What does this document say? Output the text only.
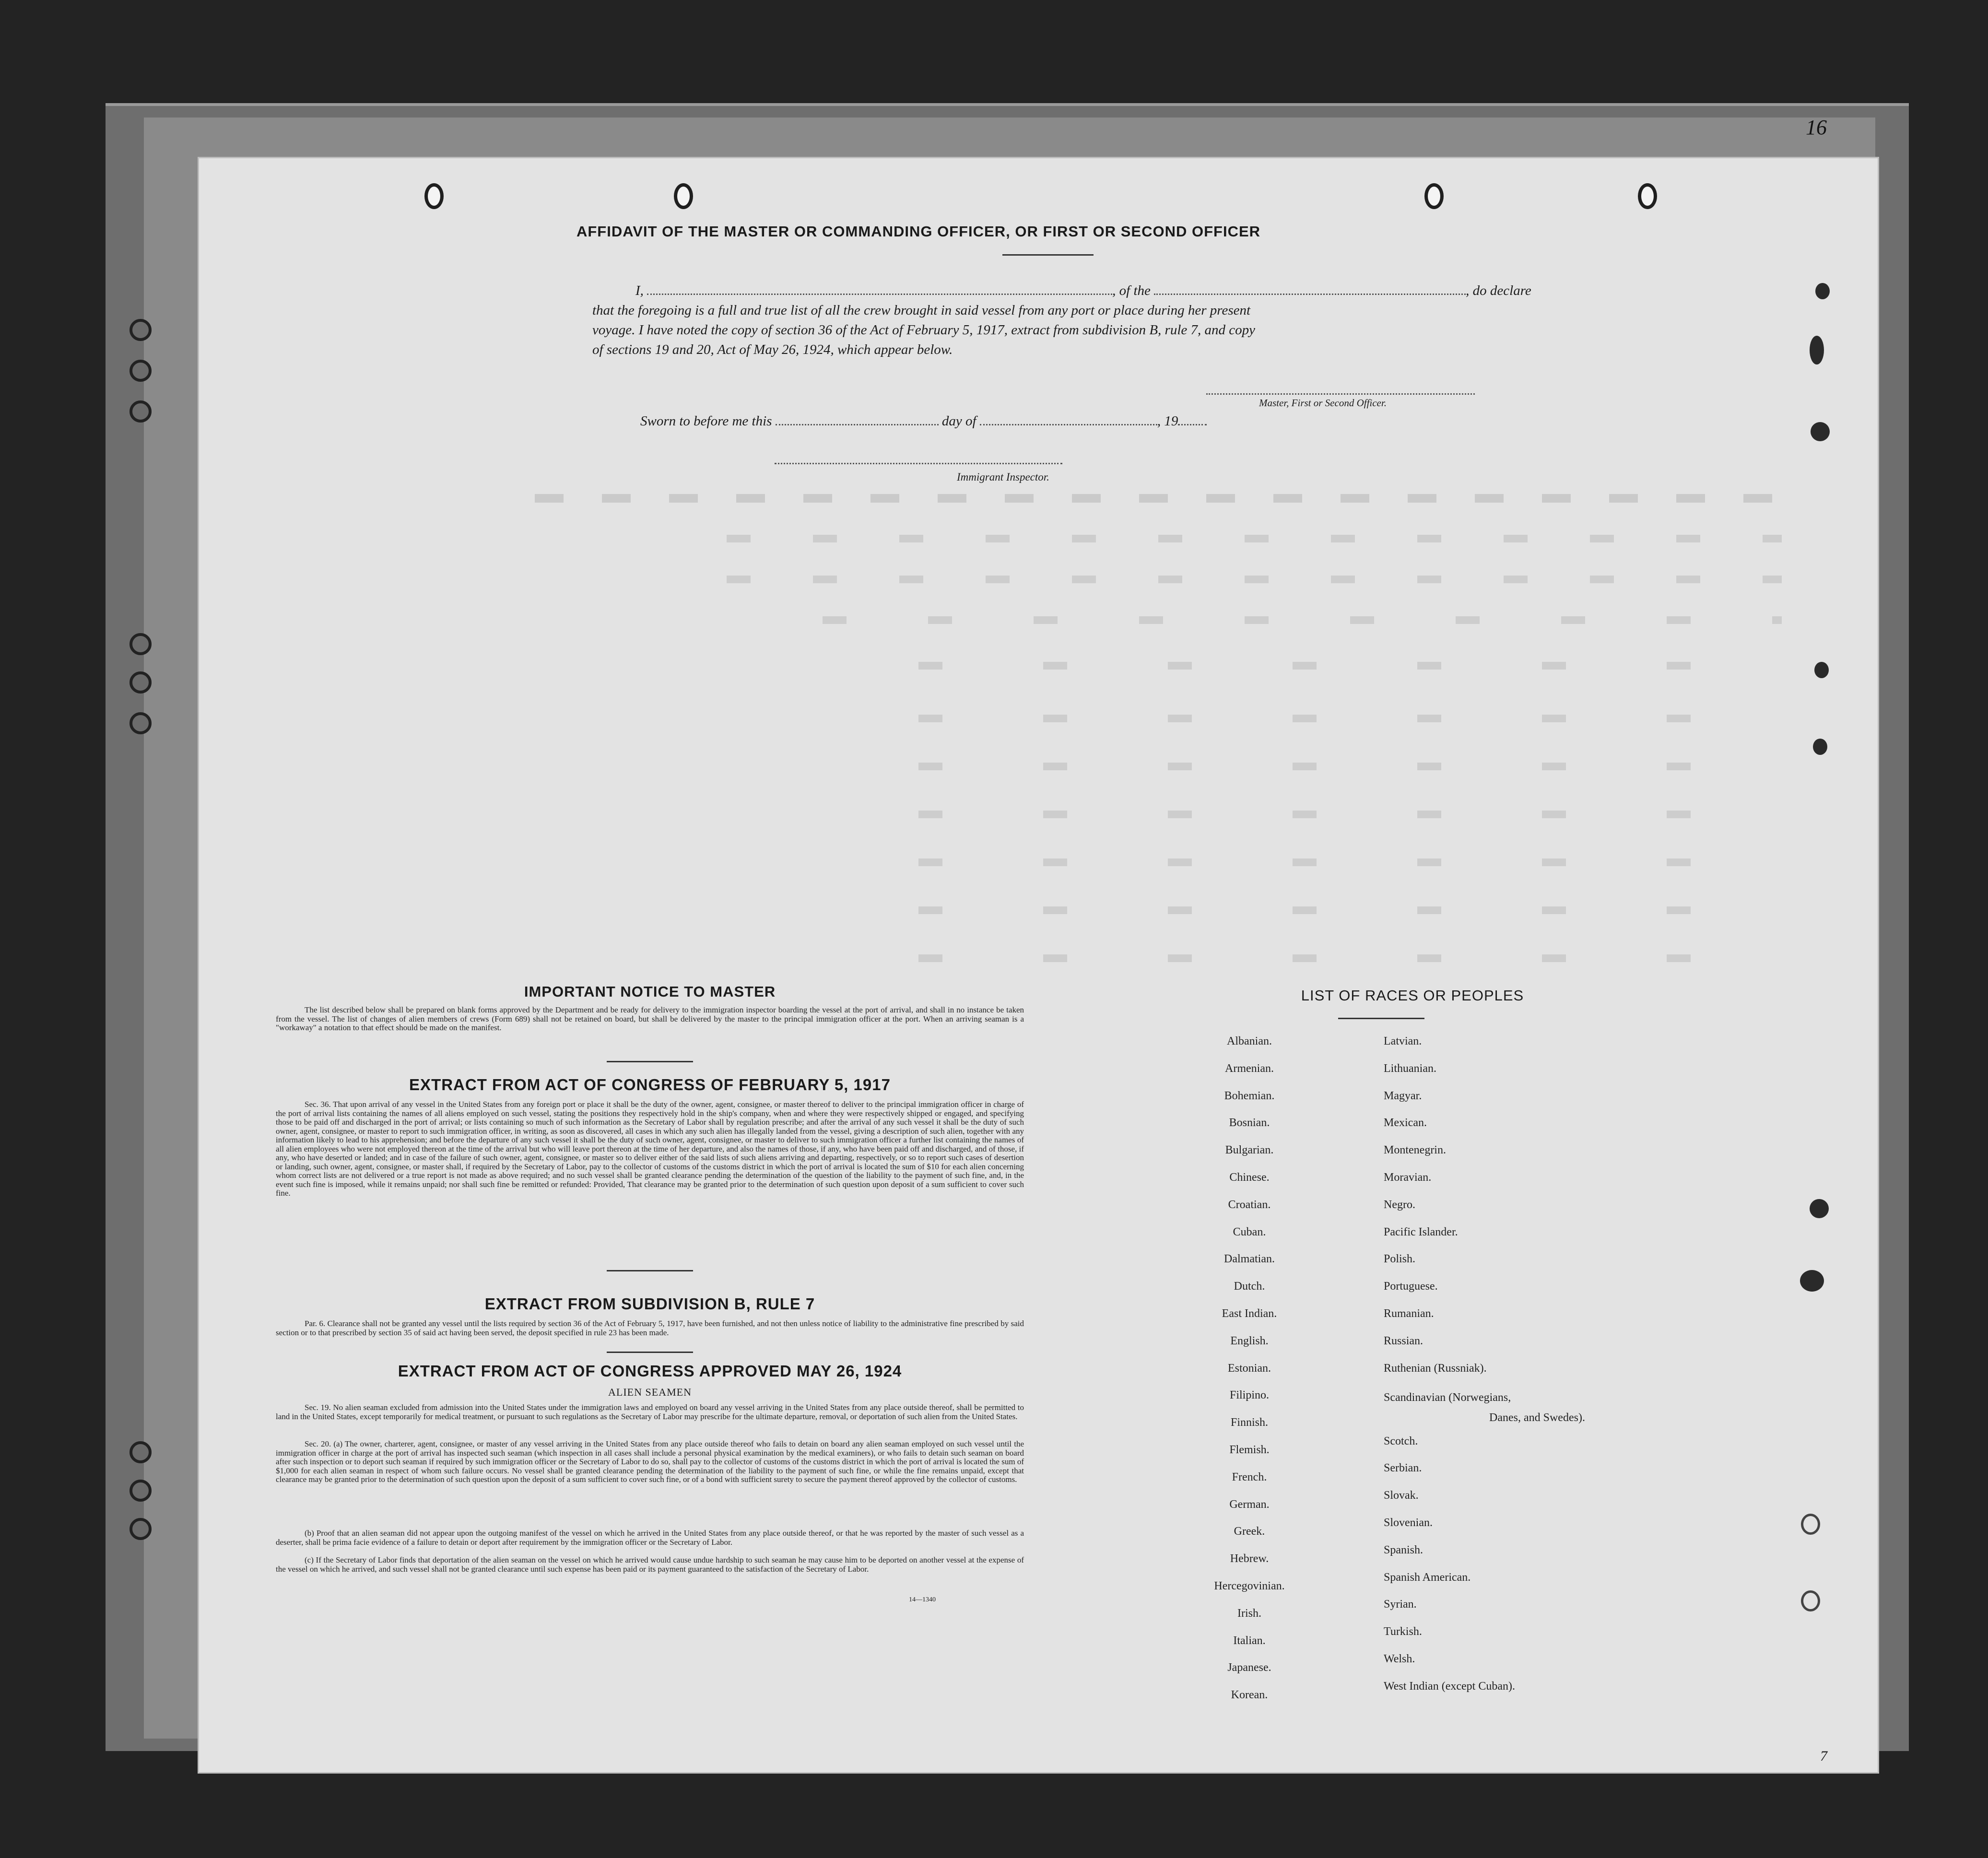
16
AFFIDAVIT OF THE MASTER OR COMMANDING OFFICER, OR FIRST OR SECOND OFFICER
I,	, of the	, do declare
that the foregoing is a full and true list of all the crew brought in said vessel from any port or place during her present
voyage. I have noted the copy of section 36 of the Act of February 5, 1917, extract from subdivision B, rule 7, and copy
of sections 19 and 20, Act of May 26, 1924, which appear below.
Master, First or Second Officer.
Sworn to before me this	day of	, 19
Immigrant Inspector.
IMPORTANT NOTICE TO MASTER
The list described below shall be prepared on blank forms approved by the Department and be ready for delivery to the immigration inspector boarding the vessel at the port of arrival, and shall in no instance be taken from the vessel. The list of changes of alien members of crews (Form 689) shall not be retained on board, but shall be delivered by the master to the principal immigration officer at the port. When an arriving seaman is a "workaway" a notation to that effect should be made on the manifest.
EXTRACT FROM ACT OF CONGRESS OF FEBRUARY 5, 1917
Sec. 36. That upon arrival of any vessel in the United States from any foreign port or place it shall be the duty of the owner, agent, consignee, or master thereof to deliver to the principal immigration officer in charge of the port of arrival lists containing the names of all aliens employed on such vessel, stating the positions they respectively hold in the ship's company, when and where they were respectively shipped or engaged, and specifying those to be paid off and discharged in the port of arrival; or lists containing so much of such information as the Secretary of Labor shall by regulation prescribe; and after the arrival of any such vessel it shall be the duty of such owner, agent, consignee, or master to report to such immigration officer, in writing, as soon as discovered, all cases in which any such alien has illegally landed from the vessel, giving a description of such alien, together with any information likely to lead to his apprehension; and before the departure of any such vessel it shall be the duty of such owner, agent, consignee, or master to deliver to such immigration officer a further list containing the names of all alien employees who were not employed thereon at the time of the arrival but who will leave port thereon at the time of her departure, and also the names of those, if any, who have been paid off and discharged, and of those, if any, who have deserted or landed; and in case of the failure of such owner, agent, consignee, or master so to deliver either of the said lists of such aliens arriving and departing, respectively, or so to report such cases of desertion or landing, such owner, agent, consignee, or master shall, if required by the Secretary of Labor, pay to the collector of customs of the customs district in which the port of arrival is located the sum of $10 for each alien concerning whom correct lists are not delivered or a true report is not made as above required; and no such vessel shall be granted clearance pending the determination of the question of the liability to the payment of such fine, and, in the event such fine is imposed, while it remains unpaid; nor shall such fine be remitted or refunded: Provided, That clearance may be granted prior to the determination of such question upon deposit of a sum sufficient to cover such fine.
EXTRACT FROM SUBDIVISION B, RULE 7
Par. 6. Clearance shall not be granted any vessel until the lists required by section 36 of the Act of February 5, 1917, have been furnished, and not then unless notice of liability to the administrative fine prescribed by said section or to that prescribed by section 35 of said act having been served, the deposit specified in rule 23 has been made.
EXTRACT FROM ACT OF CONGRESS APPROVED MAY 26, 1924
ALIEN SEAMEN
Sec. 19. No alien seaman excluded from admission into the United States under the immigration laws and employed on board any vessel arriving in the United States from any place outside thereof, shall be permitted to land in the United States, except temporarily for medical treatment, or pursuant to such regulations as the Secretary of Labor may prescribe for the ultimate departure, removal, or deportation of such alien from the United States.
Sec. 20. (a) The owner, charterer, agent, consignee, or master of any vessel arriving in the United States from any place outside thereof who fails to detain on board any alien seaman employed on such vessel until the immigration officer in charge at the port of arrival has inspected such seaman (which inspection in all cases shall include a personal physical examination by the medical examiners), or who fails to detain such seaman on board after such inspection or to deport such seaman if required by such immigration officer or the Secretary of Labor to do so, shall pay to the collector of customs of the customs district in which the port of arrival is located the sum of $1,000 for each alien seaman in respect of whom such failure occurs. No vessel shall be granted clearance pending the determination of the liability to the payment of such fine, or while the fine remains unpaid, except that clearance may be granted prior to the determination of such question upon the deposit of a sum sufficient to cover such fine, or of a bond with sufficient surety to secure the payment thereof approved by the collector of customs.
(b) Proof that an alien seaman did not appear upon the outgoing manifest of the vessel on which he arrived in the United States from any place outside thereof, or that he was reported by the master of such vessel as a deserter, shall be prima facie evidence of a failure to detain or deport after requirement by the immigration officer or the Secretary of Labor.
(c) If the Secretary of Labor finds that deportation of the alien seaman on the vessel on which he arrived would cause undue hardship to such seaman he may cause him to be deported on another vessel at the expense of the vessel on which he arrived, and such vessel shall not be granted clearance until such expense has been paid or its payment guaranteed to the satisfaction of the Secretary of Labor.
14—1340
LIST OF RACES OR PEOPLES
Danes, and Swedes).
7
Albanian.
Armenian.
Bohemian.
Bosnian.
Bulgarian.
Chinese.
Croatian.
Cuban.
Dalmatian.
Dutch.
East Indian.
English.
Estonian.
Filipino.
Finnish.
Flemish.
French.
German.
Greek.
Hebrew.
Hercegovinian.
Irish.
Italian.
Japanese.
Korean.
Latvian.
Lithuanian.
Magyar.
Mexican.
Montenegrin.
Moravian.
Negro.
Pacific Islander.
Polish.
Portuguese.
Rumanian.
Russian.
Ruthenian (Russniak).
Scandinavian (Norwegians,
Scotch.
Serbian.
Slovak.
Slovenian.
Spanish.
Spanish American.
Syrian.
Turkish.
Welsh.
West Indian (except Cuban).
